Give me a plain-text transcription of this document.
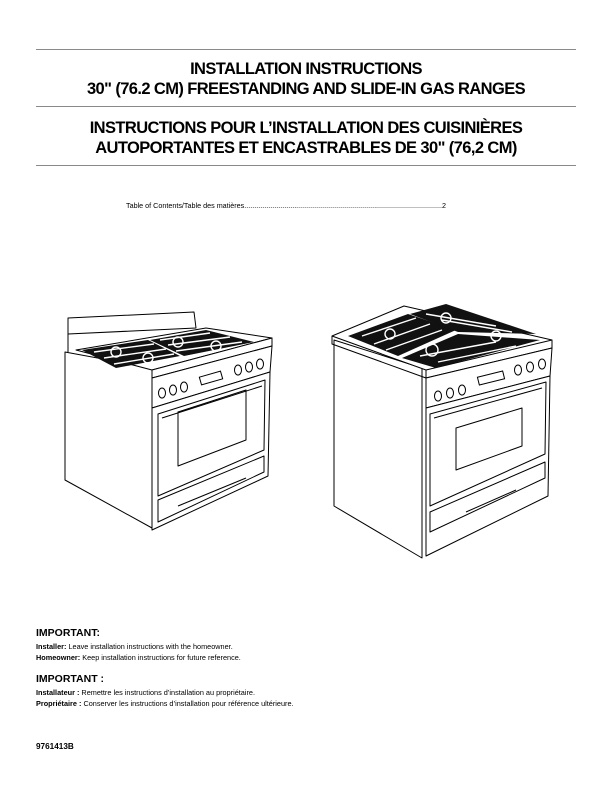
INSTALLATION INSTRUCTIONS
30" (76.2 CM) FREESTANDING AND SLIDE-IN GAS RANGES
INSTRUCTIONS POUR L’INSTALLATION DES CUISINIÈRES
AUTOPORTANTES ET ENCASTRABLES DE 30" (76,2 CM)
Table of Contents/Table des matières...................................................................................................2
IMPORTANT:
Installer: Leave installation instructions with the homeowner.
Homeowner: Keep installation instructions for future reference.
IMPORTANT :
Installateur : Remettre les instructions d’installation au propriétaire.
Propriétaire : Conserver les instructions d’installation pour référence ultérieure.
9761413B
